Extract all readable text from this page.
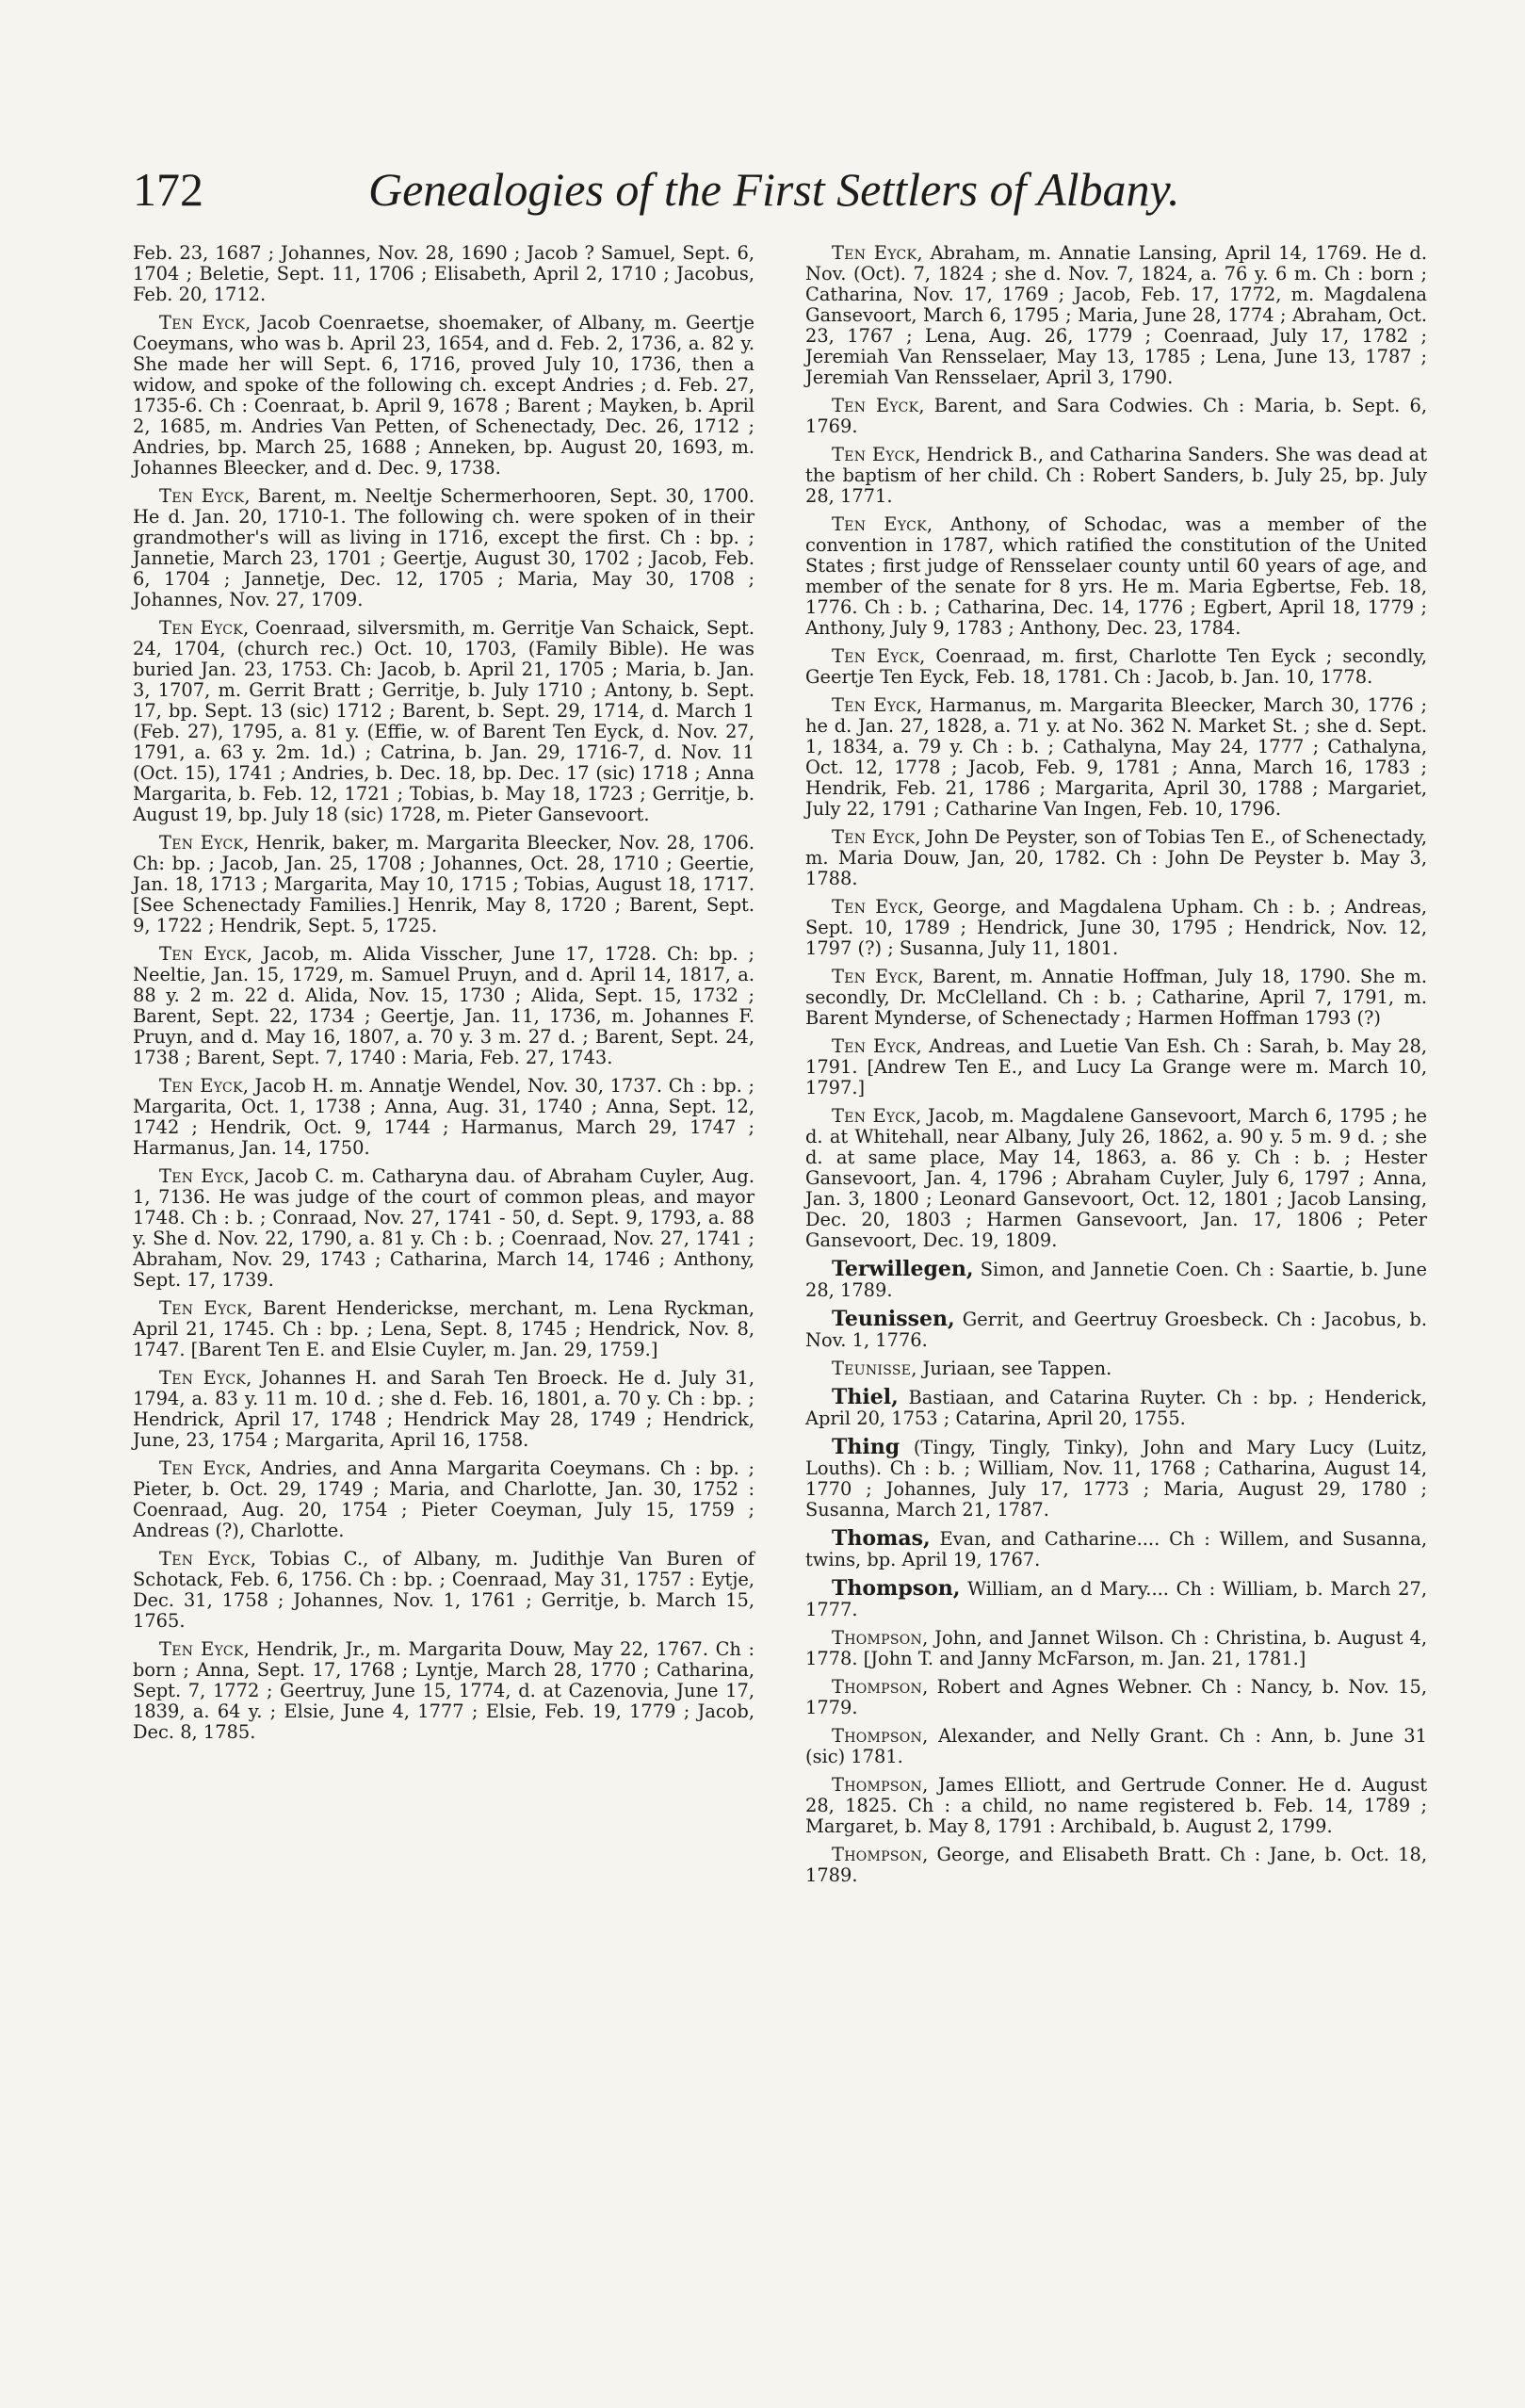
172	Genealogies of the First Settlers of Albany.

Feb. 23, 1687 ; Johannes, Nov. 28, 1690 ; Jacob ? Samuel, Sept. 6, 1704 ; Beletie, Sept. 11, 1706 ; Elisabeth, April 2, 1710 ; Jacobus, Feb. 20, 1712.

Ten Eyck, Jacob Coenraetse, shoemaker, of Albany, m. Geertje Coeymans, who was b. April 23, 1654, and d. Feb. 2, 1736, a. 82 y. She made her will Sept. 6, 1716, proved July 10, 1736, then a widow, and spoke of the following ch. except Andries ; d. Feb. 27, 1735-6. Ch : Coenraat, b. April 9, 1678 ; Barent ; Mayken, b. April 2, 1685, m. Andries Van Petten, of Schenectady, Dec. 26, 1712 ; Andries, bp. March 25, 1688 ; Anneken, bp. August 20, 1693, m. Johannes Bleecker, and d. Dec. 9, 1738.

Ten Eyck, Barent, m. Neeltje Schermerhooren, Sept. 30, 1700. He d. Jan. 20, 1710-1. The following ch. were spoken of in their grandmother's will as living in 1716, except the first. Ch : bp. ; Jannetie, March 23, 1701 ; Geertje, August 30, 1702 ; Jacob, Feb. 6, 1704 ; Jannetje, Dec. 12, 1705 ; Maria, May 30, 1708 ; Johannes, Nov. 27, 1709.

Ten Eyck, Coenraad, silversmith, m. Gerritje Van Schaick, Sept. 24, 1704, (church rec.) Oct. 10, 1703, (Family Bible). He was buried Jan. 23, 1753. Ch: Jacob, b. April 21, 1705 ; Maria, b. Jan. 3, 1707, m. Gerrit Bratt ; Gerritje, b. July 1710 ; Antony, b. Sept. 17, bp. Sept. 13 (sic) 1712 ; Barent, b. Sept. 29, 1714, d. March 1 (Feb. 27), 1795, a. 81 y. (Effie, w. of Barent Ten Eyck, d. Nov. 27, 1791, a. 63 y. 2m. 1d.) ; Catrina, b. Jan. 29, 1716-7, d. Nov. 11 (Oct. 15), 1741 ; Andries, b. Dec. 18, bp. Dec. 17 (sic) 1718 ; Anna Margarita, b. Feb. 12, 1721 ; Tobias, b. May 18, 1723 ; Gerritje, b. August 19, bp. July 18 (sic) 1728, m. Pieter Gansevoort.

Ten Eyck, Henrik, baker, m. Margarita Bleecker, Nov. 28, 1706. Ch: bp. ; Jacob, Jan. 25, 1708 ; Johannes, Oct. 28, 1710 ; Geertie, Jan. 18, 1713 ; Margarita, May 10, 1715 ; Tobias, August 18, 1717. [See Schenectady Families.] Henrik, May 8, 1720 ; Barent, Sept. 9, 1722 ; Hendrik, Sept. 5, 1725.

Ten Eyck, Jacob, m. Alida Visscher, June 17, 1728. Ch: bp. ; Neeltie, Jan. 15, 1729, m. Samuel Pruyn, and d. April 14, 1817, a. 88 y. 2 m. 22 d. Alida, Nov. 15, 1730 ; Alida, Sept. 15, 1732 ; Barent, Sept. 22, 1734 ; Geertje, Jan. 11, 1736, m. Johannes F. Pruyn, and d. May 16, 1807, a. 70 y. 3 m. 27 d. ; Barent, Sept. 24, 1738 ; Barent, Sept. 7, 1740 : Maria, Feb. 27, 1743.

Ten Eyck, Jacob H. m. Annatje Wendel, Nov. 30, 1737. Ch : bp. ; Margarita, Oct. 1, 1738 ; Anna, Aug. 31, 1740 ; Anna, Sept. 12, 1742 ; Hendrik, Oct. 9, 1744 ; Harmanus, March 29, 1747 ; Harmanus, Jan. 14, 1750.

Ten Eyck, Jacob C. m. Catharyna dau. of Abraham Cuyler, Aug. 1, 7136. He was judge of the court of common pleas, and mayor 1748. Ch : b. ; Conraad, Nov. 27, 1741 - 50, d. Sept. 9, 1793, a. 88 y. She d. Nov. 22, 1790, a. 81 y. Ch : b. ; Coenraad, Nov. 27, 1741 ; Abraham, Nov. 29, 1743 ; Catharina, March 14, 1746 ; Anthony, Sept. 17, 1739.

Ten Eyck, Barent Henderickse, merchant, m. Lena Ryckman, April 21, 1745. Ch : bp. ; Lena, Sept. 8, 1745 ; Hendrick, Nov. 8, 1747. [Barent Ten E. and Elsie Cuyler, m. Jan. 29, 1759.]

Ten Eyck, Johannes H. and Sarah Ten Broeck. He d. July 31, 1794, a. 83 y. 11 m. 10 d. ; she d. Feb. 16, 1801, a. 70 y. Ch : bp. ; Hendrick, April 17, 1748 ; Hendrick May 28, 1749 ; Hendrick, June, 23, 1754 ; Margarita, April 16, 1758.

Ten Eyck, Andries, and Anna Margarita Coeymans. Ch : bp. ; Pieter, b. Oct. 29, 1749 ; Maria, and Charlotte, Jan. 30, 1752 : Coenraad, Aug. 20, 1754 ; Pieter Coeyman, July 15, 1759 ; Andreas (?), Charlotte.

Ten Eyck, Tobias C., of Albany, m. Judithje Van Buren of Schotack, Feb. 6, 1756. Ch : bp. ; Coenraad, May 31, 1757 : Eytje, Dec. 31, 1758 ; Johannes, Nov. 1, 1761 ; Gerritje, b. March 15, 1765.

Ten Eyck, Hendrik, Jr., m. Margarita Douw, May 22, 1767. Ch : born ; Anna, Sept. 17, 1768 ; Lyntje, March 28, 1770 ; Catharina, Sept. 7, 1772 ; Geertruy, June 15, 1774, d. at Cazenovia, June 17, 1839, a. 64 y. ; Elsie, June 4, 1777 ; Elsie, Feb. 19, 1779 ; Jacob, Dec. 8, 1785.

Ten Eyck, Abraham, m. Annatie Lansing, April 14, 1769. He d. Nov. (Oct). 7, 1824 ; she d. Nov. 7, 1824, a. 76 y. 6 m. Ch : born ; Catharina, Nov. 17, 1769 ; Jacob, Feb. 17, 1772, m. Magdalena Gansevoort, March 6, 1795 ; Maria, June 28, 1774 ; Abraham, Oct. 23, 1767 ; Lena, Aug. 26, 1779 ; Coenraad, July 17, 1782 ; Jeremiah Van Rensselaer, May 13, 1785 ; Lena, June 13, 1787 ; Jeremiah Van Rensselaer, April 3, 1790.

Ten Eyck, Barent, and Sara Codwies. Ch : Maria, b. Sept. 6, 1769.

Ten Eyck, Hendrick B., and Catharina Sanders. She was dead at the baptism of her child. Ch : Robert Sanders, b. July 25, bp. July 28, 1771.

Ten Eyck, Anthony, of Schodac, was a member of the convention in 1787, which ratified the constitution of the United States ; first judge of Rensselaer county until 60 years of age, and member of the senate for 8 yrs. He m. Maria Egbertse, Feb. 18, 1776. Ch : b. ; Catharina, Dec. 14, 1776 ; Egbert, April 18, 1779 ; Anthony, July 9, 1783 ; Anthony, Dec. 23, 1784.

Ten Eyck, Coenraad, m. first, Charlotte Ten Eyck ; secondly, Geertje Ten Eyck, Feb. 18, 1781. Ch : Jacob, b. Jan. 10, 1778.

Ten Eyck, Harmanus, m. Margarita Bleecker, March 30, 1776 ; he d. Jan. 27, 1828, a. 71 y. at No. 362 N. Market St. ; she d. Sept. 1, 1834, a. 79 y. Ch : b. ; Cathalyna, May 24, 1777 ; Cathalyna, Oct. 12, 1778 ; Jacob, Feb. 9, 1781 ; Anna, March 16, 1783 ; Hendrik, Feb. 21, 1786 ; Margarita, April 30, 1788 ; Margariet, July 22, 1791 ; Catharine Van Ingen, Feb. 10, 1796.

Ten Eyck, John De Peyster, son of Tobias Ten E., of Schenectady, m. Maria Douw, Jan, 20, 1782. Ch : John De Peyster b. May 3, 1788.

Ten Eyck, George, and Magdalena Upham. Ch : b. ; Andreas, Sept. 10, 1789 ; Hendrick, June 30, 1795 ; Hendrick, Nov. 12, 1797 (?) ; Susanna, July 11, 1801.

Ten Eyck, Barent, m. Annatie Hoffman, July 18, 1790. She m. secondly, Dr. McClelland. Ch : b. ; Catharine, April 7, 1791, m. Barent Mynderse, of Schenectady ; Harmen Hoffman 1793 (?)

Ten Eyck, Andreas, and Luetie Van Esh. Ch : Sarah, b. May 28, 1791. [Andrew Ten E., and Lucy La Grange were m. March 10, 1797.]

Ten Eyck, Jacob, m. Magdalene Gansevoort, March 6, 1795 ; he d. at Whitehall, near Albany, July 26, 1862, a. 90 y. 5 m. 9 d. ; she d. at same place, May 14, 1863, a. 86 y. Ch : b. ; Hester Gansevoort, Jan. 4, 1796 ; Abraham Cuyler, July 6, 1797 ; Anna, Jan. 3, 1800 ; Leonard Gansevoort, Oct. 12, 1801 ; Jacob Lansing, Dec. 20, 1803 ; Harmen Gansevoort, Jan. 17, 1806 ; Peter Gansevoort, Dec. 19, 1809.

Terwillegen, Simon, and Jannetie Coen. Ch : Saartie, b. June 28, 1789.

Teunissen, Gerrit, and Geertruy Groesbeck. Ch : Jacobus, b. Nov. 1, 1776.

Teunisse, Juriaan, see Tappen.

Thiel, Bastiaan, and Catarina Ruyter. Ch : bp. ; Henderick, April 20, 1753 ; Catarina, April 20, 1755.

Thing (Tingy, Tingly, Tinky), John and Mary Lucy (Luitz, Louths). Ch : b. ; William, Nov. 11, 1768 ; Catharina, August 14, 1770 ; Johannes, July 17, 1773 ; Maria, August 29, 1780 ; Susanna, March 21, 1787.

Thomas, Evan, and Catharine.... Ch : Willem, and Susanna, twins, bp. April 19, 1767.

Thompson, William, an d Mary.... Ch : William, b. March 27, 1777.

Thompson, John, and Jannet Wilson. Ch : Christina, b. August 4, 1778. [John T. and Janny McFarson, m. Jan. 21, 1781.]

Thompson, Robert and Agnes Webner. Ch : Nancy, b. Nov. 15, 1779.

Thompson, Alexander, and Nelly Grant. Ch : Ann, b. June 31 (sic) 1781.

Thompson, James Elliott, and Gertrude Conner. He d. August 28, 1825. Ch : a child, no name registered b. Feb. 14, 1789 ; Margaret, b. May 8, 1791 : Archibald, b. August 2, 1799.

Thompson, George, and Elisabeth Bratt. Ch : Jane, b. Oct. 18, 1789.
